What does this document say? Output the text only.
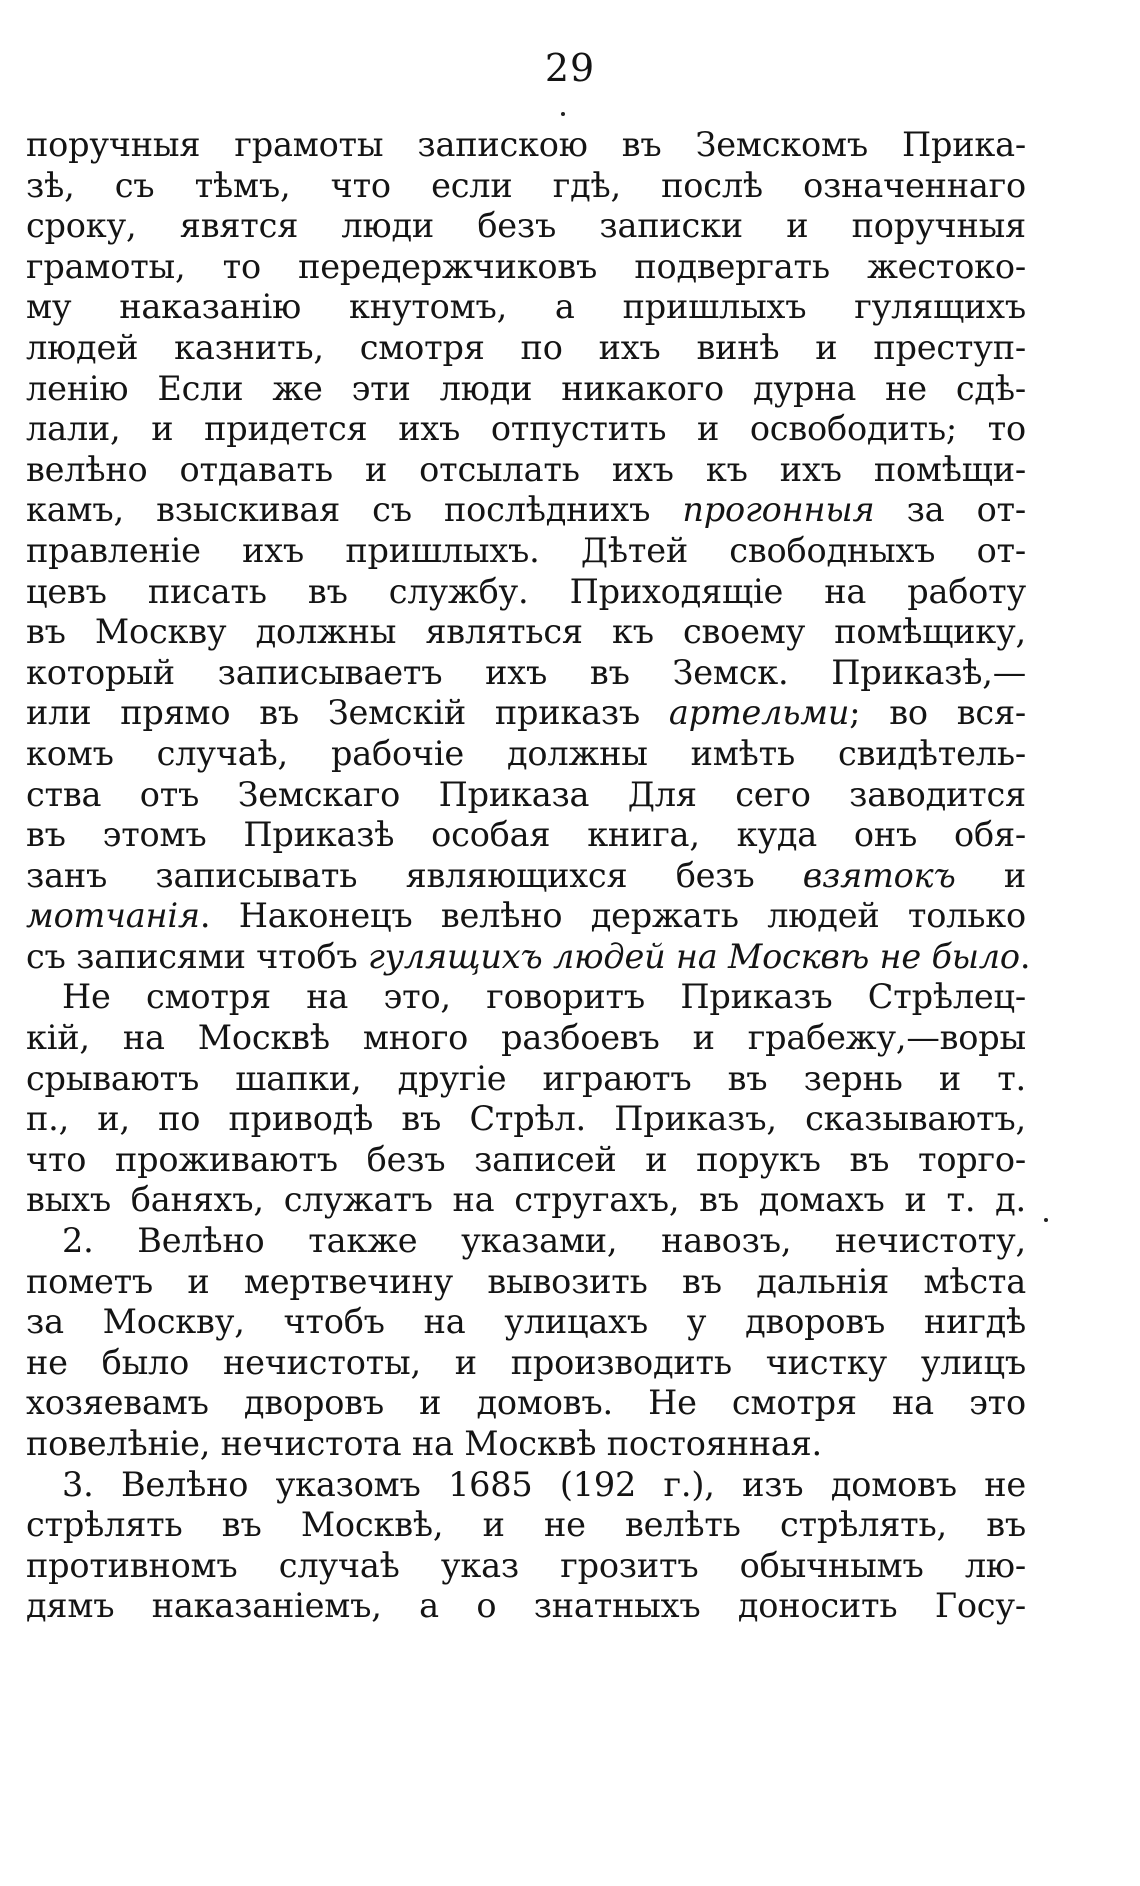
29
поручныя грамоты запискою въ Земскомъ Прика-
зѣ, съ тѣмъ, что если гдѣ, послѣ означеннаго
сроку, явятся люди безъ записки и поручныя
грамоты, то передержчиковъ подвергать жестоко-
му наказанію кнутомъ, а пришлыхъ гулящихъ
людей казнить, смотря по ихъ винѣ и преступ-
ленію Если же эти люди никакого дурна не сдѣ-
лали, и придется ихъ отпустить и освободить; то
велѣно отдавать и отсылать ихъ къ ихъ помѣщи-
камъ, взыскивая съ послѣднихъ прогонныя за от-
правленіе ихъ пришлыхъ. Дѣтей свободныхъ от-
цевъ писать въ службу. Приходящіе на работу
въ Москву должны являться къ своему помѣщику,
который записываетъ ихъ въ Земск. Приказѣ,—
или прямо въ Земскій приказъ артельми; во вся-
комъ случаѣ, рабочіе должны имѣть свидѣтель-
ства отъ Земскаго Приказа Для сего заводится
въ этомъ Приказѣ особая книга, куда онъ обя-
занъ записывать являющихся безъ взятокъ и
мотчанія. Наконецъ велѣно держать людей только
съ записями чтобъ гулящихъ людей на Москвѣ не было.
Не смотря на это, говоритъ Приказъ Стрѣлец-
кій, на Москвѣ много разбоевъ и грабежу,—воры
срываютъ шапки, другіе играютъ въ зернь и т.
п., и, по приводѣ въ Стрѣл. Приказъ, сказываютъ,
что проживаютъ безъ записей и порукъ въ торго-
выхъ баняхъ, служатъ на стругахъ, въ домахъ и т. д.
2. Велѣно также указами, навозъ, нечистоту,
пометъ и мертвечину вывозить въ дальнія мѣста
за Москву, чтобъ на улицахъ у дворовъ нигдѣ
не было нечистоты, и производить чистку улицъ
хозяевамъ дворовъ и домовъ. Не смотря на это
повелѣніе, нечистота на Москвѣ постоянная.
3. Велѣно указомъ 1685 (192 г.), изъ домовъ не
стрѣлять въ Москвѣ, и не велѣть стрѣлять, въ
противномъ случаѣ указ грозитъ обычнымъ лю-
дямъ наказаніемъ, а о знатныхъ доносить Госу-
